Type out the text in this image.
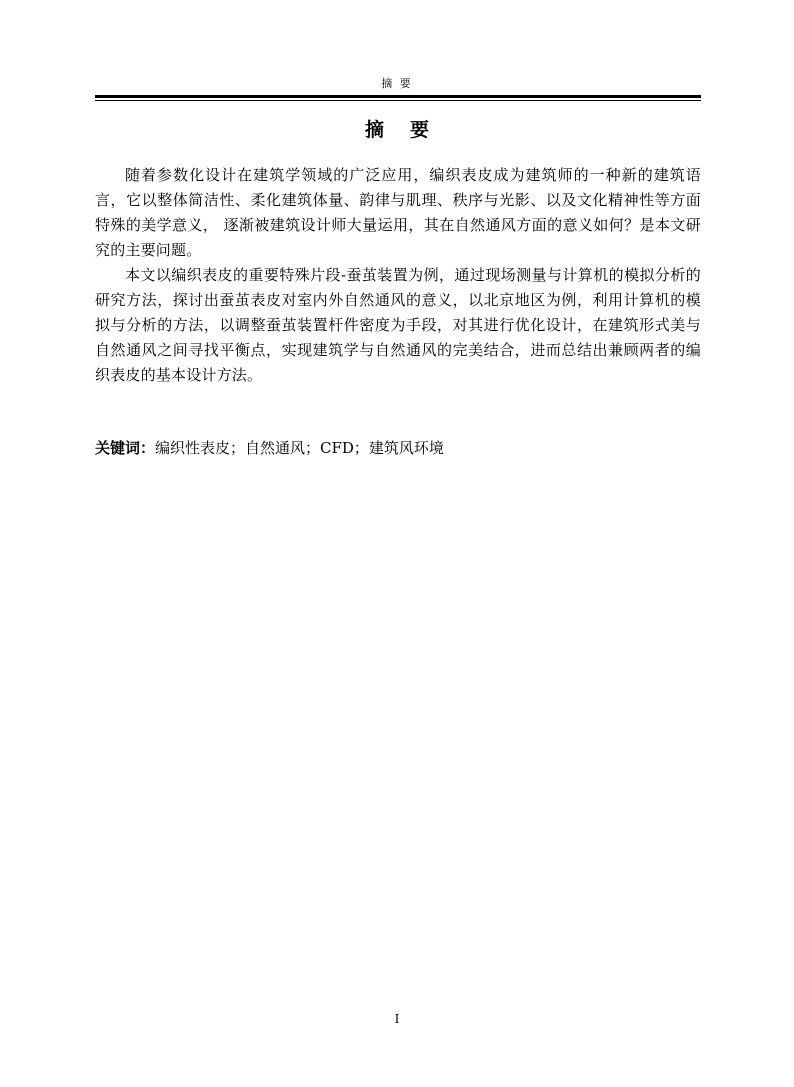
摘 要
摘要

随着参数化设计在建筑学领域的广泛应用，编织表皮成为建筑师的一种新的建筑语言，它以整体简洁性、柔化建筑体量、韵律与肌理、秩序与光影、以及文化精神性等方面特殊的美学意义， 逐渐被建筑设计师大量运用，其在自然通风方面的意义如何？是本文研究的主要问题。

本文以编织表皮的重要特殊片段-蚕茧装置为例，通过现场测量与计算机的模拟分析的研究方法，探讨出蚕茧表皮对室内外自然通风的意义，以北京地区为例，利用计算机的模拟与分析的方法，以调整蚕茧装置杆件密度为手段，对其进行优化设计，在建筑形式美与自然通风之间寻找平衡点，实现建筑学与自然通风的完美结合，进而总结出兼顾两者的编织表皮的基本设计方法。

关键词：编织性表皮；自然通风；CFD；建筑风环境
I
